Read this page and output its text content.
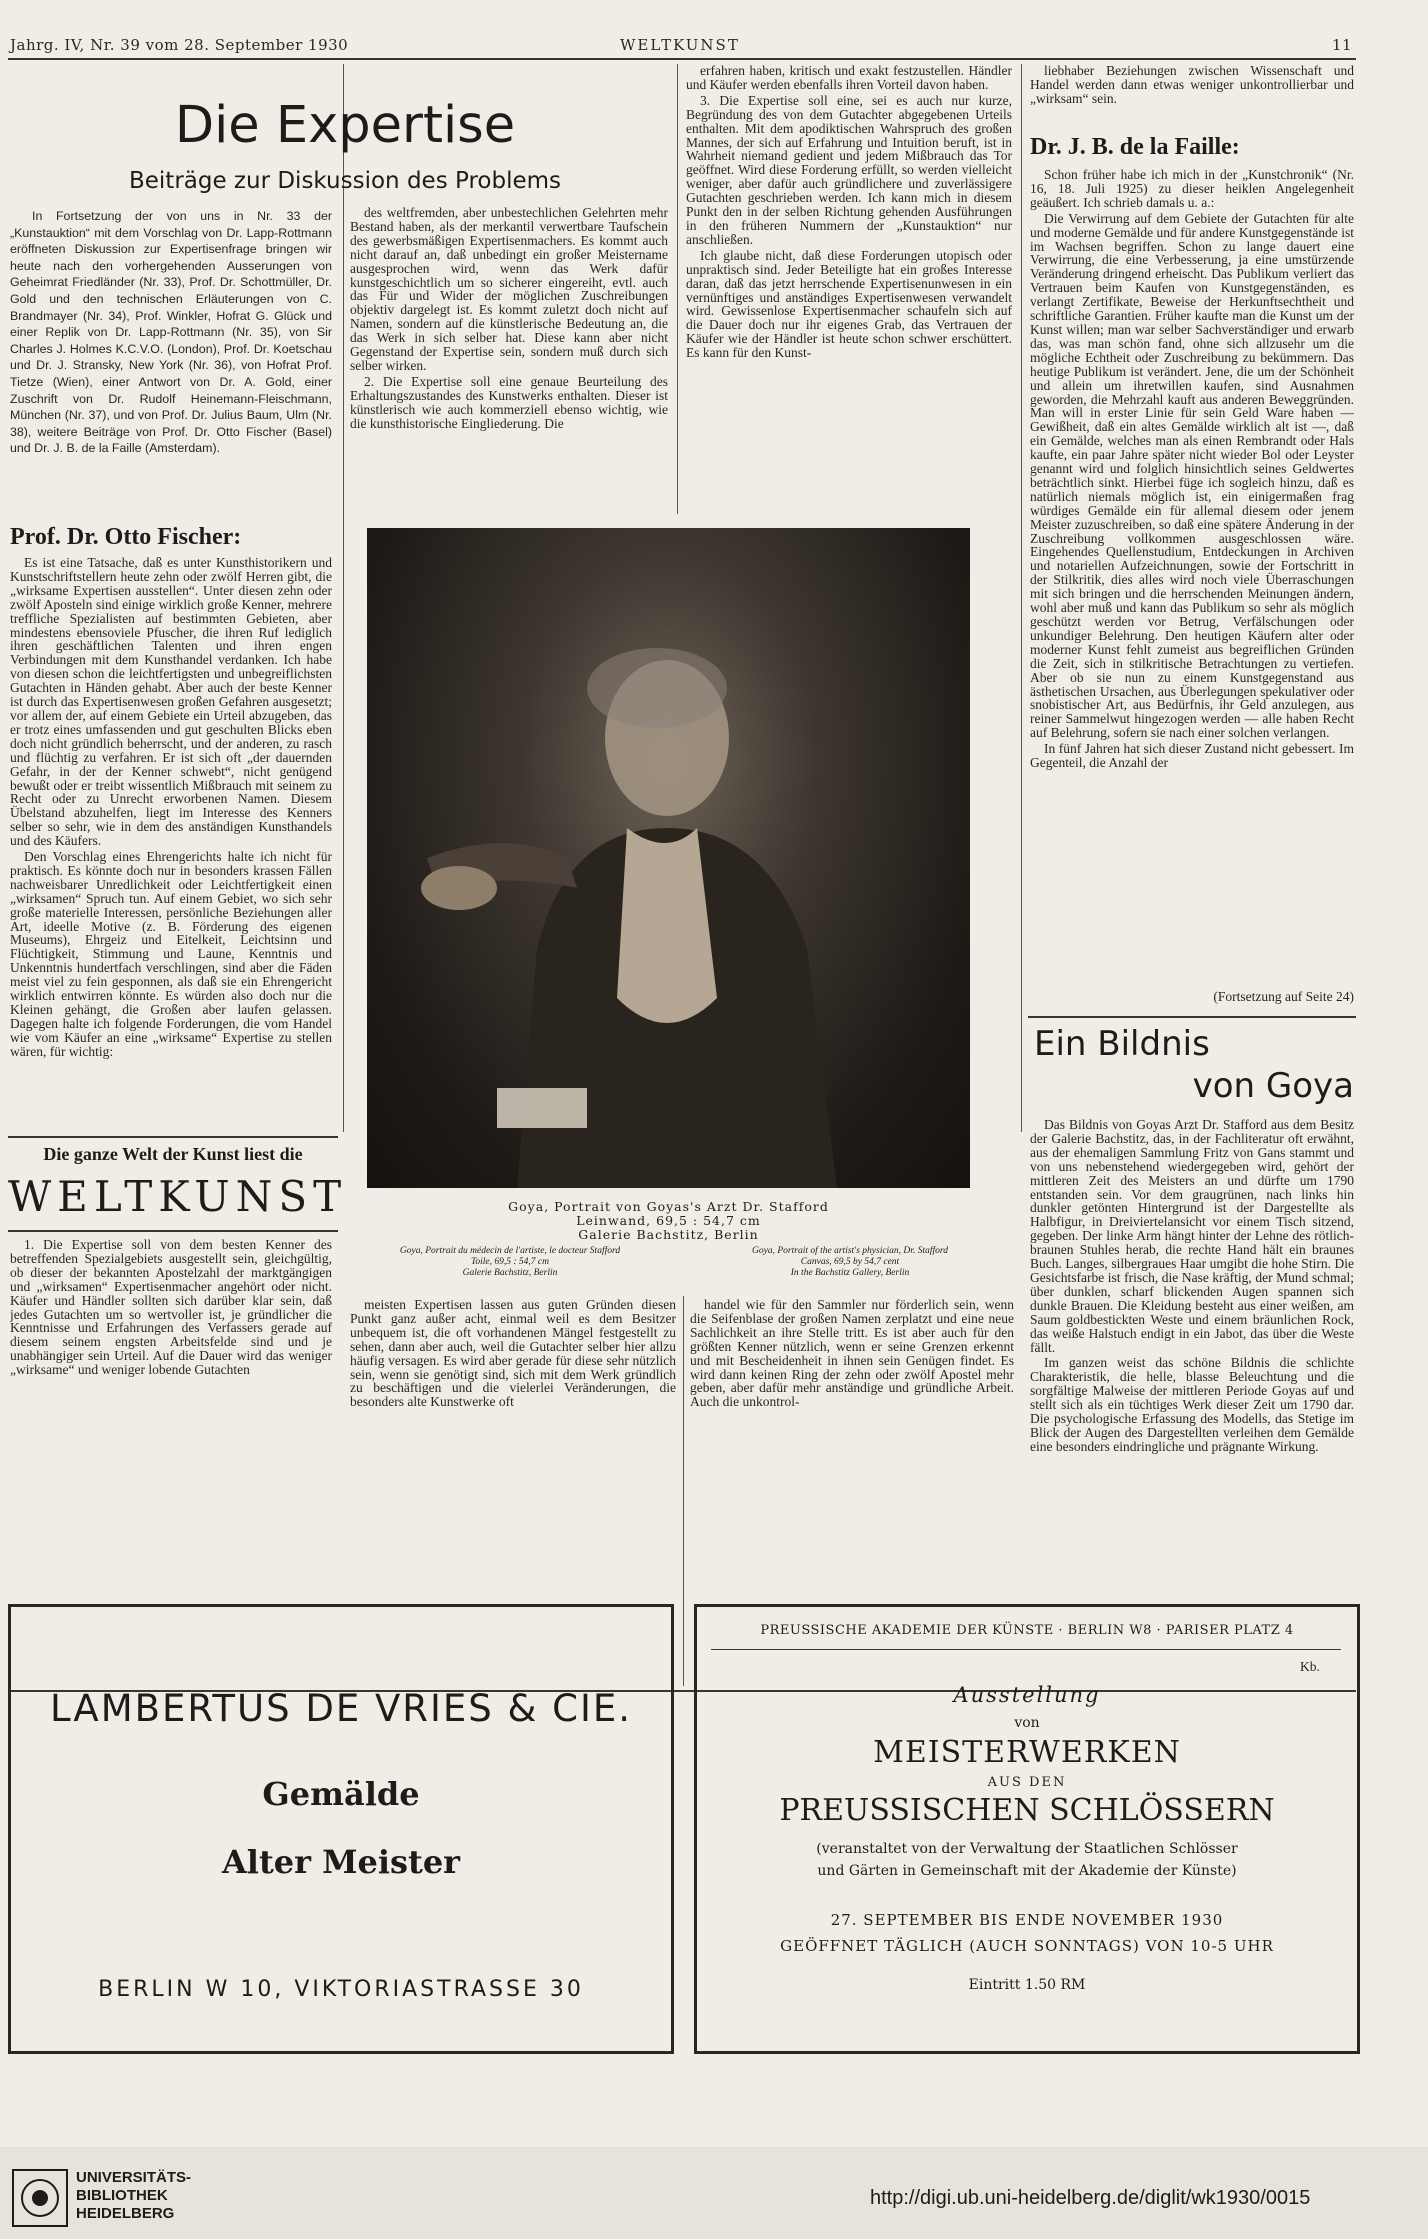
Jahrg. IV, Nr. 39 vom 28. September 1930	WELTKUNST	11
Die Expertise
Beiträge zur Diskussion des Problems
In Fortsetzung der von uns in Nr. 33 der „Kunstauktion“ mit dem Vorschlag von Dr. Lapp-Rottmann eröffneten Diskussion zur Expertisenfrage bringen wir heute nach den vorhergehenden Ausserungen von Geheimrat Friedländer (Nr. 33), Prof. Dr. Schottmüller, Dr. Gold und den technischen Erläuterungen von C. Brandmayer (Nr. 34), Prof. Winkler, Hofrat G. Glück und einer Replik von Dr. Lapp-Rottmann (Nr. 35), von Sir Charles J. Holmes K.C.V.O. (London), Prof. Dr. Koetschau und Dr. J. Stransky, New York (Nr. 36), von Hofrat Prof. Tietze (Wien), einer Antwort von Dr. A. Gold, einer Zuschrift von Dr. Rudolf Heinemann-Fleischmann, München (Nr. 37), und von Prof. Dr. Julius Baum, Ulm (Nr. 38), weitere Beiträge von Prof. Dr. Otto Fischer (Basel) und Dr. J. B. de la Faille (Amsterdam).
Prof. Dr. Otto Fischer:

Es ist eine Tatsache, daß es unter Kunsthistorikern und Kunstschriftstellern heute zehn oder zwölf Herren gibt, die „wirksame Expertisen ausstellen“. Unter diesen zehn oder zwölf Aposteln sind einige wirklich große Kenner, mehrere treffliche Spezialisten auf bestimmten Gebieten, aber mindestens ebensoviele Pfuscher, die ihren Ruf lediglich ihren geschäftlichen Talenten und ihren engen Verbindungen mit dem Kunsthandel verdanken. Ich habe von diesen schon die leichtfertigsten und unbegreiflichsten Gutachten in Händen gehabt. Aber auch der beste Kenner ist durch das Expertisenwesen großen Gefahren ausgesetzt; vor allem der, auf einem Gebiete ein Urteil abzugeben, das er trotz eines umfassenden und gut geschulten Blicks eben doch nicht gründlich beherrscht, und der anderen, zu rasch und flüchtig zu verfahren. Er ist sich oft „der dauernden Gefahr, in der der Kenner schwebt“, nicht genügend bewußt oder er treibt wissentlich Mißbrauch mit seinem zu Recht oder zu Unrecht erworbenen Namen. Diesem Übelstand abzuhelfen, liegt im Interesse des Kenners selber so sehr, wie in dem des anständigen Kunsthandels und des Käufers.

Den Vorschlag eines Ehrengerichts halte ich nicht für praktisch. Es könnte doch nur in besonders krassen Fällen nachweisbarer Unredlichkeit oder Leichtfertigkeit einen „wirksamen“ Spruch tun. Auf einem Gebiet, wo sich sehr große materielle Interessen, persönliche Beziehungen aller Art, ideelle Motive (z. B. Förderung des eigenen Museums), Ehrgeiz und Eitelkeit, Leichtsinn und Flüchtigkeit, Stimmung und Laune, Kenntnis und Unkenntnis hundertfach verschlingen, sind aber die Fäden meist viel zu fein gesponnen, als daß sie ein Ehrengericht wirklich entwirren könnte. Es würden also doch nur die Kleinen gehängt, die Großen aber laufen gelassen. Dagegen halte ich folgende Forderungen, die vom Handel wie vom Käufer an eine „wirksame“ Expertise zu stellen wären, für wichtig:

Die ganze Welt der Kunst liest die
WELTKUNST

1. Die Expertise soll von dem besten Kenner des betreffenden Spezialgebiets ausgestellt sein, gleichgültig, ob dieser der bekannten Apostelzahl der marktgängigen und „wirksamen“ Expertisenmacher angehört oder nicht. Käufer und Händler sollten sich darüber klar sein, daß jedes Gutachten um so wertvoller ist, je gründlicher die Kenntnisse und Erfahrungen des Verfassers gerade auf diesem seinem engsten Arbeitsfelde sind und je unabhängiger sein Urteil. Auf die Dauer wird das weniger „wirksame“ und weniger lobende Gutachten

des weltfremden, aber unbestechlichen Gelehrten mehr Bestand haben, als der merkantil verwertbare Taufschein des gewerbsmäßigen Expertisenmachers. Es kommt auch nicht darauf an, daß unbedingt ein großer Meistername ausgesprochen wird, wenn das Werk dafür kunstgeschichtlich um so sicherer eingereiht, evtl. auch das Für und Wider der möglichen Zuschreibungen objektiv dargelegt ist. Es kommt zuletzt doch nicht auf Namen, sondern auf die künstlerische Bedeutung an, die das Werk in sich selber hat. Diese kann aber nicht Gegenstand der Expertise sein, sondern muß durch sich selber wirken.

2. Die Expertise soll eine genaue Beurteilung des Erhaltungszustandes des Kunstwerks enthalten. Dieser ist künstlerisch wie auch kommerziell ebenso wichtig, wie die kunsthistorische Eingliederung. Die

erfahren haben, kritisch und exakt festzustellen. Händler und Käufer werden ebenfalls ihren Vorteil davon haben.

3. Die Expertise soll eine, sei es auch nur kurze, Begründung des von dem Gutachter abgegebenen Urteils enthalten. Mit dem apodiktischen Wahrspruch des großen Mannes, der sich auf Erfahrung und Intuition beruft, ist in Wahrheit niemand gedient und jedem Mißbrauch das Tor geöffnet. Wird diese Forderung erfüllt, so werden vielleicht weniger, aber dafür auch gründlichere und zuverlässigere Gutachten geschrieben werden. Ich kann mich in diesem Punkt den in der selben Richtung gehenden Ausführungen in den früheren Nummern der „Kunstauktion“ nur anschließen.

Ich glaube nicht, daß diese Forderungen utopisch oder unpraktisch sind. Jeder Beteiligte hat ein großes Interesse daran, daß das jetzt herrschende Expertisenunwesen in ein vernünftiges und anständiges Expertisenwesen verwandelt wird. Gewissenlose Expertisenmacher schaufeln sich auf die Dauer doch nur ihr eigenes Grab, das Vertrauen der Käufer wie der Händler ist heute schon schwer erschüttert. Es kann für den Kunst-

Goya, Portrait von Goyas's Arzt Dr. Stafford
Leinwand, 69,5 : 54,7 cm
Galerie Bachstitz, Berlin
Goya, Portrait du médecin de l'artiste, le docteur Stafford
Toile, 69,5 : 54,7 cm
Galerie Bachstitz, Berlin
Goya, Portrait of the artist's physician, Dr. Stafford
Canvas, 69,5 by 54,7 cent
In the Bachstitz Gallery, Berlin

meisten Expertisen lassen aus guten Gründen diesen Punkt ganz außer acht, einmal weil es dem Besitzer unbequem ist, die oft vorhandenen Mängel festgestellt zu sehen, dann aber auch, weil die Gutachter selber hier allzu häufig versagen. Es wird aber gerade für diese sehr nützlich sein, wenn sie genötigt sind, sich mit dem Werk gründlich zu beschäftigen und die vielerlei Veränderungen, die besonders alte Kunstwerke oft

handel wie für den Sammler nur förderlich sein, wenn die Seifenblase der großen Namen zerplatzt und eine neue Sachlichkeit an ihre Stelle tritt. Es ist aber auch für den größten Kenner nützlich, wenn er seine Grenzen erkennt und mit Bescheidenheit in ihnen sein Genügen findet. Es wird dann keinen Ring der zehn oder zwölf Apostel mehr geben, aber dafür mehr anständige und gründliche Arbeit. Auch die unkontrol-

liebhaber Beziehungen zwischen Wissenschaft und Handel werden dann etwas weniger unkontrollierbar und „wirksam“ sein.

Dr. J. B. de la Faille:

Schon früher habe ich mich in der „Kunstchronik“ (Nr. 16, 18. Juli 1925) zu dieser heiklen Angelegenheit geäußert. Ich schrieb damals u. a.:

Die Verwirrung auf dem Gebiete der Gutachten für alte und moderne Gemälde und für andere Kunstgegenstände ist im Wachsen begriffen. Schon zu lange dauert eine Verwirrung, die eine Verbesserung, ja eine umstürzende Veränderung dringend erheischt. Das Publikum verliert das Vertrauen beim Kaufen von Kunstgegenständen, es verlangt Zertifikate, Beweise der Herkunftsechtheit und schriftliche Garantien. Früher kaufte man die Kunst um der Kunst willen; man war selber Sachverständiger und erwarb das, was man schön fand, ohne sich allzusehr um die mögliche Echtheit oder Zuschreibung zu bekümmern. Das heutige Publikum ist verändert. Jene, die um der Schönheit und allein um ihretwillen kaufen, sind Ausnahmen geworden, die Mehrzahl kauft aus anderen Beweggründen. Man will in erster Linie für sein Geld Ware haben — Gewißheit, daß ein altes Gemälde wirklich alt ist —, daß ein Gemälde, welches man als einen Rembrandt oder Hals kaufte, ein paar Jahre später nicht wieder Bol oder Leyster genannt wird und folglich hinsichtlich seines Geldwertes beträchtlich sinkt. Hierbei füge ich sogleich hinzu, daß es natürlich niemals möglich ist, ein einigermaßen frag würdiges Gemälde ein für allemal diesem oder jenem Meister zuzuschreiben, so daß eine spätere Änderung in der Zuschreibung vollkommen ausgeschlossen wäre. Eingehendes Quellenstudium, Entdeckungen in Archiven und notariellen Aufzeichnungen, sowie der Fortschritt in der Stilkritik, dies alles wird noch viele Überraschungen mit sich bringen und die herrschenden Meinungen ändern, wohl aber muß und kann das Publikum so sehr als möglich geschützt werden vor Betrug, Verfälschungen oder unkundiger Belehrung. Den heutigen Käufern alter oder moderner Kunst fehlt zumeist aus begreiflichen Gründen die Zeit, sich in stilkritische Betrachtungen zu vertiefen. Aber ob sie nun zu einem Kunstgegenstand aus ästhetischen Ursachen, aus Überlegungen spekulativer oder snobistischer Art, aus Bedürfnis, ihr Geld anzulegen, aus reiner Sammelwut hingezogen werden — alle haben Recht auf Belehrung, sofern sie nach einer solchen verlangen.

In fünf Jahren hat sich dieser Zustand nicht gebessert. Im Gegenteil, die Anzahl der

(Fortsetzung auf Seite 24)
Ein Bildnis
von Goya

Das Bildnis von Goyas Arzt Dr. Stafford aus dem Besitz der Galerie Bachstitz, das, in der Fachliteratur oft erwähnt, aus der ehemaligen Sammlung Fritz von Gans stammt und von uns nebenstehend wiedergegeben wird, gehört der mittleren Zeit des Meisters an und dürfte um 1790 entstanden sein. Vor dem graugrünen, nach links hin dunkler getönten Hintergrund ist der Dargestellte als Halbfigur, in Dreiviertelansicht vor einem Tisch sitzend, gegeben. Der linke Arm hängt hinter der Lehne des rötlich-braunen Stuhles herab, die rechte Hand hält ein braunes Buch. Langes, silbergraues Haar umgibt die hohe Stirn. Die Gesichtsfarbe ist frisch, die Nase kräftig, der Mund schmal; über dunklen, scharf blickenden Augen spannen sich dunkle Brauen. Die Kleidung besteht aus einer weißen, am Saum goldbestickten Weste und einem bräunlichen Rock, das weiße Halstuch endigt in ein Jabot, das über die Weste fällt.

Im ganzen weist das schöne Bildnis die schlichte Charakteristik, die helle, blasse Beleuchtung und die sorgfältige Malweise der mittleren Periode Goyas auf und stellt sich als ein tüchtiges Werk dieser Zeit um 1790 dar. Die psychologische Erfassung des Modells, das Stetige im Blick der Augen des Dargestellten verleihen dem Gemälde eine besonders eindringliche und prägnante Wirkung.

Kb.
LAMBERTUS DE VRIES & CIE.
Gemälde
Alter Meister
BERLIN W 10, VIKTORIASTRASSE 30
PREUSSISCHE AKADEMIE DER KÜNSTE · BERLIN W8 · PARISER PLATZ 4
Ausstellung
von
MEISTERWERKEN
AUS DEN
PREUSSISCHEN SCHLÖSSERN
(veranstaltet von der Verwaltung der Staatlichen Schlösser
und Gärten in Gemeinschaft mit der Akademie der Künste)
27. SEPTEMBER BIS ENDE NOVEMBER 1930
GEÖFFNET TÄGLICH (AUCH SONNTAGS) VON 10-5 UHR
Eintritt 1.50 RM
UNIVERSITÄTS-
BIBLIOTHEK
HEIDELBERG
http://digi.ub.uni-heidelberg.de/diglit/wk1930/0015
